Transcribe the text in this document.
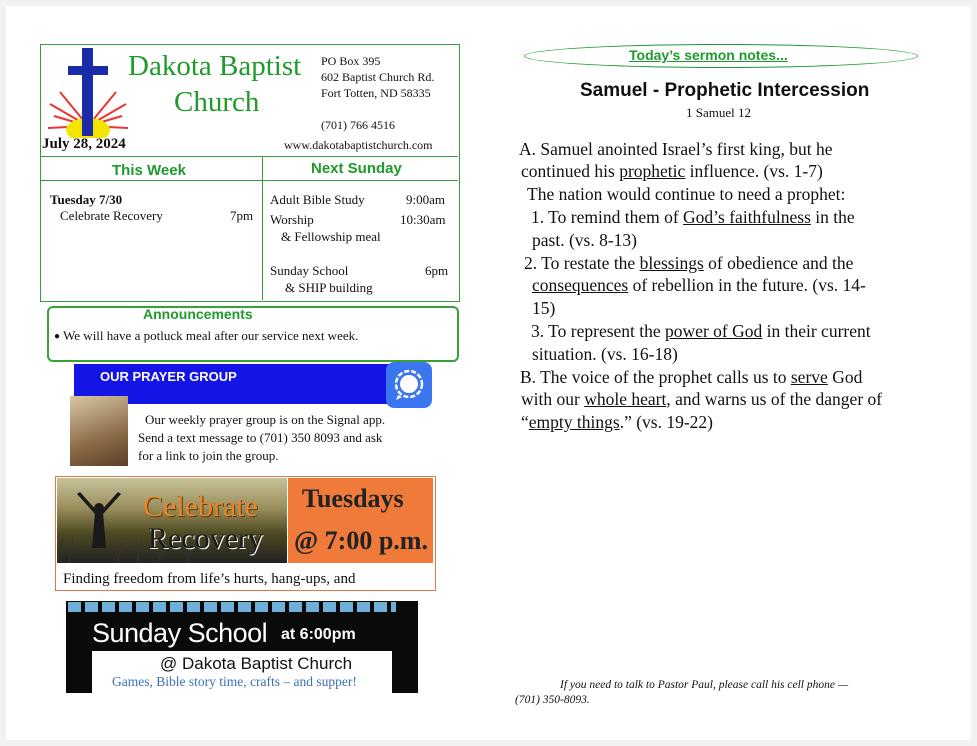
Dakota Baptist
Church
PO Box 395
602 Baptist Church Rd.
Fort Totten, ND 58335
(701) 766 4516
July 28, 2024	www.dakotabaptistchurch.com
This Week	Next Sunday
Tuesday 7/30
Celebrate Recovery	7pm
Adult Bible Study	9:00am
Worship	10:30am
& Fellowship meal
Sunday School	6pm
& SHIP building
Announcements
● We will have a potluck meal after our service next week.
OUR PRAYER GROUP
Our weekly prayer group is on the Signal app.
Send a text message to (701) 350 8093 and ask
for a link to join the group.
Celebrate
Recovery
Tuesdays
@ 7:00 p.m.
Finding freedom from life’s hurts, hang-ups, and
Sunday School at 6:00pm
@ Dakota Baptist Church
Games, Bible story time, crafts – and supper!
Today’s sermon notes...
Samuel - Prophetic Intercession
1 Samuel 12
A. Samuel anointed Israel’s first king, but he
continued his prophetic influence. (vs. 1-7)
The nation would continue to need a prophet:
1. To remind them of God’s faithfulness in the
past. (vs. 8-13)
2. To restate the blessings of obedience and the
consequences of rebellion in the future. (vs. 14-
15)
3. To represent the power of God in their current
situation. (vs. 16-18)
B. The voice of the prophet calls us to serve God
with our whole heart, and warns us of the danger of
“empty things.” (vs. 19-22)
If you need to talk to Pastor Paul, please call his cell phone —
(701) 350-8093.
